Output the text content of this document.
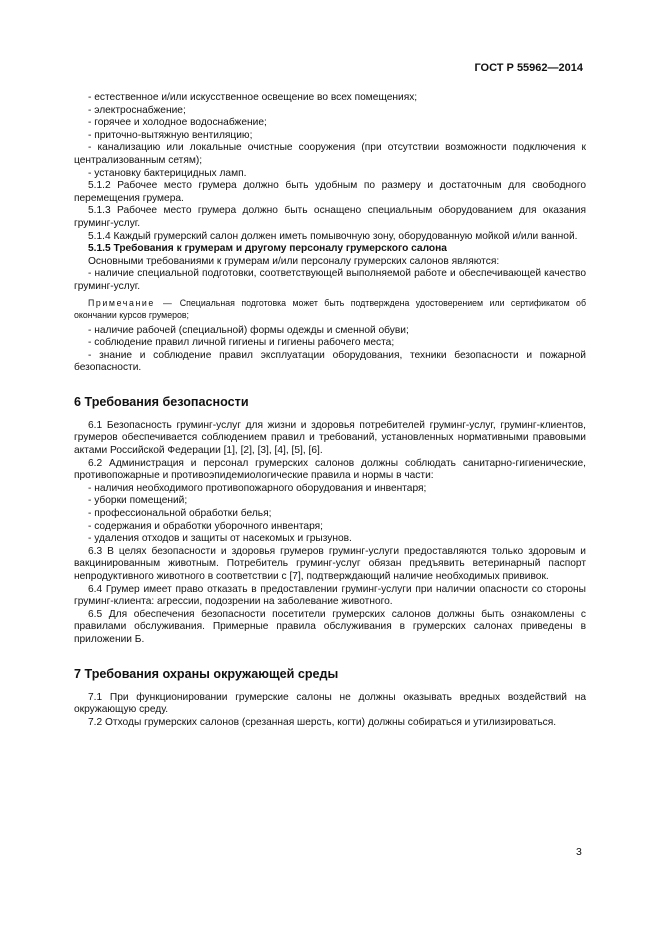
ГОСТ Р 55962—2014

- естественное и/или искусственное освещение во всех помещениях;

- электроснабжение;

- горячее и холодное водоснабжение;

- приточно-вытяжную вентиляцию;

- канализацию или локальные очистные сооружения (при отсутствии возможности подключения к централизованным сетям);

- установку бактерицидных ламп.

5.1.2 Рабочее место грумера должно быть удобным по размеру и достаточным для свободного перемещения грумера.

5.1.3 Рабочее место грумера должно быть оснащено специальным оборудованием для оказания груминг-услуг.

5.1.4 Каждый грумерский салон должен иметь помывочную зону, оборудованную мойкой и/или ванной.

5.1.5 Требования к грумерам и другому персоналу грумерского салона

Основными требованиями к грумерам и/или персоналу грумерских салонов являются:

- наличие специальной подготовки, соответствующей выполняемой работе и обеспечивающей качество груминг-услуг.

Примечание — Специальная подготовка может быть подтверждена удостоверением или сертификатом об окончании курсов грумеров;

- наличие рабочей (специальной) формы одежды и сменной обуви;

- соблюдение правил личной гигиены и гигиены рабочего места;

- знание и соблюдение правил эксплуатации оборудования, техники безопасности и пожарной безопасности.

6 Требования безопасности

6.1 Безопасность груминг-услуг для жизни и здоровья потребителей груминг-услуг, груминг-клиентов, грумеров обеспечивается соблюдением правил и требований, установленных нормативными правовыми актами Российской Федерации [1], [2], [3], [4], [5], [6].

6.2 Администрация и персонал грумерских салонов должны соблюдать санитарно-гигиенические, противопожарные и противоэпидемиологические правила и нормы в части:

- наличия необходимого противопожарного оборудования и инвентаря;

- уборки помещений;

- профессиональной обработки белья;

- содержания и обработки уборочного инвентаря;

- удаления отходов и защиты от насекомых и грызунов.

6.3 В целях безопасности и здоровья грумеров груминг-услуги предоставляются только здоровым и вакцинированным животным. Потребитель груминг-услуг обязан предъявить ветеринарный паспорт непродуктивного животного в соответствии с [7], подтверждающий наличие необходимых прививок.

6.4 Грумер имеет право отказать в предоставлении груминг-услуги при наличии опасности со стороны груминг-клиента: агрессии, подозрении на заболевание животного.

6.5 Для обеспечения безопасности посетители грумерских салонов должны быть ознакомлены с правилами обслуживания. Примерные правила обслуживания в грумерских салонах приведены в приложении Б.

7 Требования охраны окружающей среды

7.1 При функционировании грумерские салоны не должны оказывать вредных воздействий на окружающую среду.

7.2 Отходы грумерских салонов (срезанная шерсть, когти) должны собираться и утилизироваться.

3
